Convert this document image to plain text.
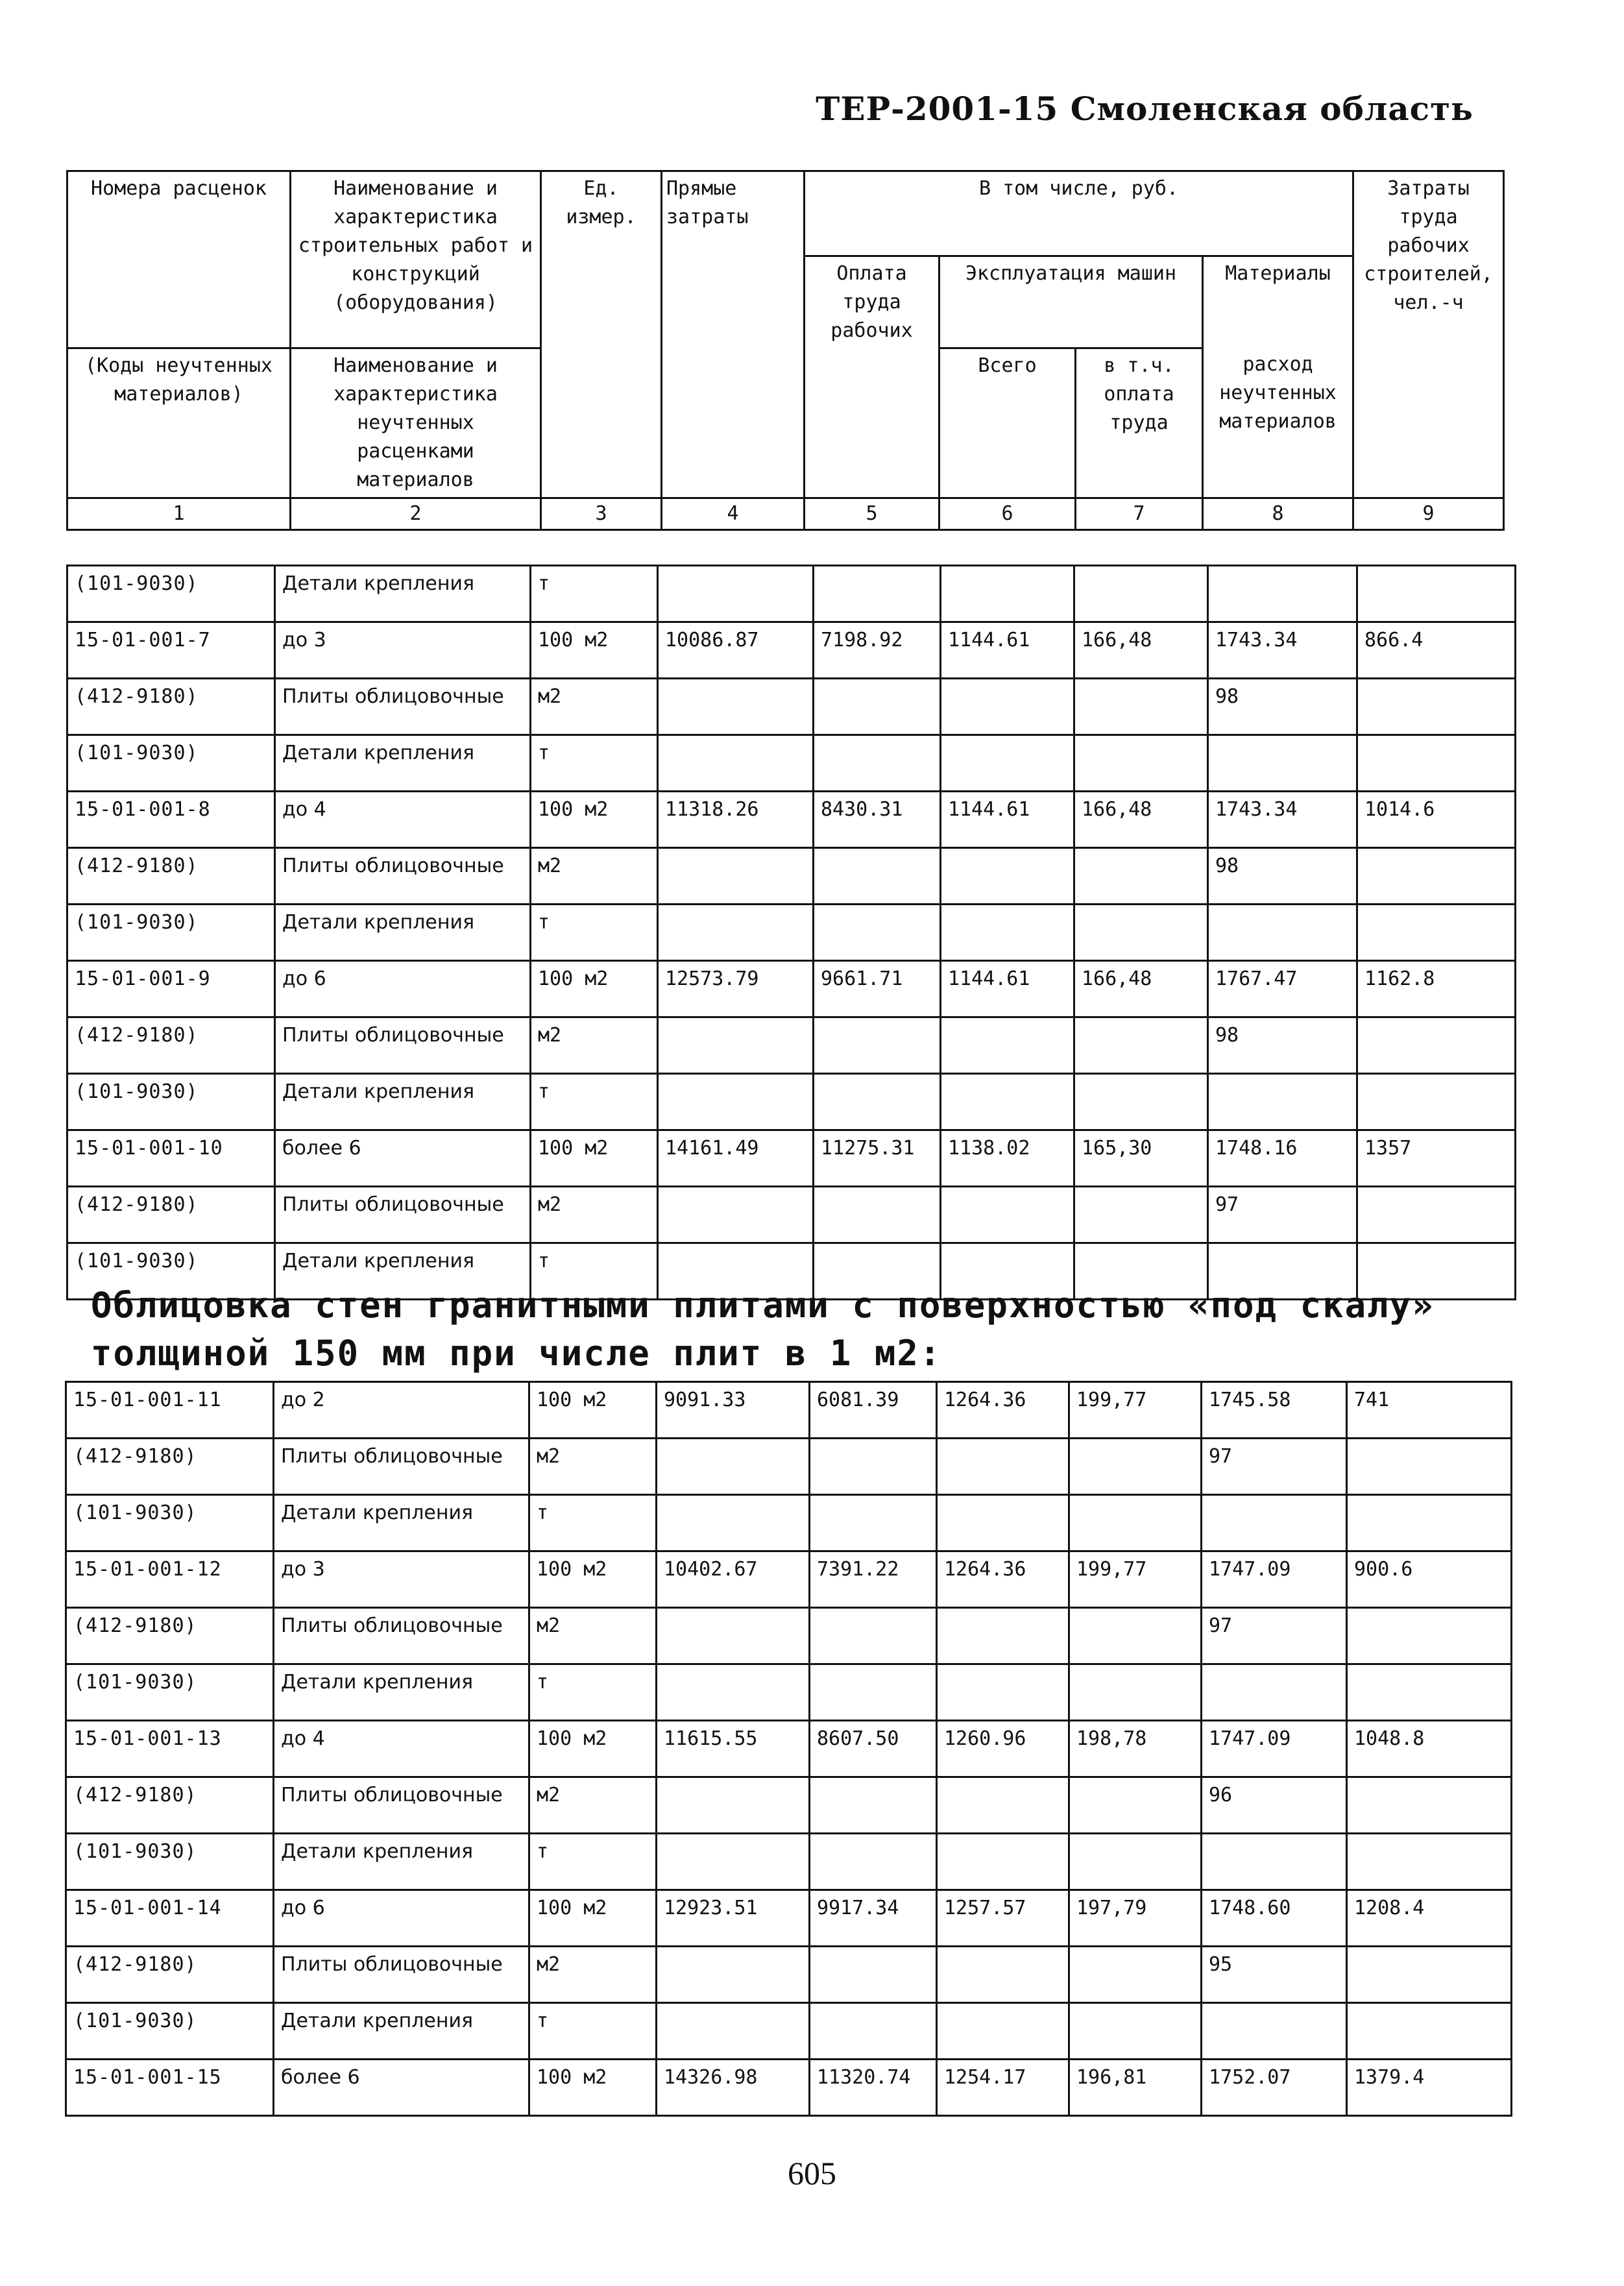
ТЕР-2001-15 Смоленская область
Номера расценок	Наименование и характеристика строительных работ и конструкций (оборудования)	Ед. измер.	Прямые затраты	В том числе, руб.				Затраты труда рабочих строителей, чел.-ч
				Оплата труда рабочих	Эксплуатация машин		Материалы	
(Коды неучтенных материалов)	Наименование и характеристика неучтенных расценками материалов				Всего	в т.ч. оплата труда	расход неучтенных материалов	

1	2	3	4	5	6	7	8	9
(101-9030)	Детали крепления	т						
15-01-001-7	до 3	100 м2	10086.87	7198.92	1144.61	166,48	1743.34	866.4
(412-9180)	Плиты облицовочные	м2					98	
(101-9030)	Детали крепления	т						
15-01-001-8	до 4	100 м2	11318.26	8430.31	1144.61	166,48	1743.34	1014.6
(412-9180)	Плиты облицовочные	м2					98	
(101-9030)	Детали крепления	т						
15-01-001-9	до 6	100 м2	12573.79	9661.71	1144.61	166,48	1767.47	1162.8
(412-9180)	Плиты облицовочные	м2					98	
(101-9030)	Детали крепления	т						
15-01-001-10	более 6	100 м2	14161.49	11275.31	1138.02	165,30	1748.16	1357
(412-9180)	Плиты облицовочные	м2					97	
(101-9030)	Детали крепления	т						
Облицовка стен гранитными плитами с поверхностью «под скалу» толщиной 150 мм при числе плит в 1 м2:
15-01-001-11	до 2	100 м2	9091.33	6081.39	1264.36	199,77	1745.58	741
(412-9180)	Плиты облицовочные	м2					97	
(101-9030)	Детали крепления	т						
15-01-001-12	до 3	100 м2	10402.67	7391.22	1264.36	199,77	1747.09	900.6
(412-9180)	Плиты облицовочные	м2					97	
(101-9030)	Детали крепления	т						
15-01-001-13	до 4	100 м2	11615.55	8607.50	1260.96	198,78	1747.09	1048.8
(412-9180)	Плиты облицовочные	м2					96	
(101-9030)	Детали крепления	т						
15-01-001-14	до 6	100 м2	12923.51	9917.34	1257.57	197,79	1748.60	1208.4
(412-9180)	Плиты облицовочные	м2					95	
(101-9030)	Детали крепления	т						
15-01-001-15	более 6	100 м2	14326.98	11320.74	1254.17	196,81	1752.07	1379.4
605
